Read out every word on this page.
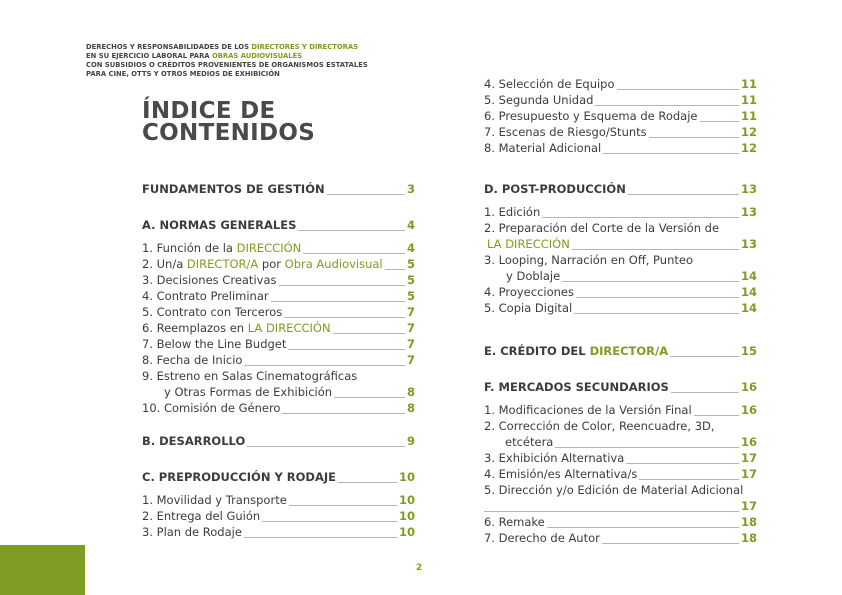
DERECHOS Y RESPONSABILIDADES DE LOS DIRECTORES Y DIRECTORAS
EN SU EJERCICIO LABORAL PARA OBRAS AUDIOVISUALES
CON SUBSIDIOS O CRÉDITOS PROVENIENTES DE ORGANISMOS ESTATALES
PARA CINE, OTTS Y OTROS MEDIOS DE EXHIBICIÓN
ÍNDICE DE
CONTENIDOS
FUNDAMENTOS DE GESTIÓN	3
A. NORMAS GENERALES	4
1. Función de la DIRECCIÓN	4
2. Un/a DIRECTOR/A por Obra Audiovisual 5
3. Decisiones Creativas	5
4. Contrato Preliminar	5
5. Contrato con Terceros	7
6. Reemplazos en LA DIRECCIÓN	7
7. Below the Line Budget	7
8. Fecha de Inicio	7
9. Estreno en Salas Cinematográficas
y Otras Formas de Exhibición	8
10. Comisión de Género	8
B. DESARROLLO	9
C. PREPRODUCCIÓN Y RODAJE	10
1. Movilidad y Transporte	10
2. Entrega del Guión	10
3. Plan de Rodaje	10
4. Selección de Equipo	11
5. Segunda Unidad	11
6. Presupuesto y Esquema de Rodaje	11
7. Escenas de Riesgo/Stunts	12
8. Material Adicional	12
D. POST-PRODUCCIÓN	13
1. Edición	13
2. Preparación del Corte de la Versión de
LA DIRECCIÓN	13
3. Looping, Narración en Off, Punteo
y Doblaje	14
4. Proyecciones	14
5. Copia Digital	14
E. CRÉDITO DEL DIRECTOR/A	15
F. MERCADOS SECUNDARIOS	16
1. Modificaciones de la Versión Final	16
2. Corrección de Color, Reencuadre, 3D,
etcétera	16
3. Exhibición Alternativa	17
4. Emisión/es Alternativa/s	17
5. Dirección y/o Edición de Material Adicional
17
6. Remake	18
7. Derecho de Autor	18
2
